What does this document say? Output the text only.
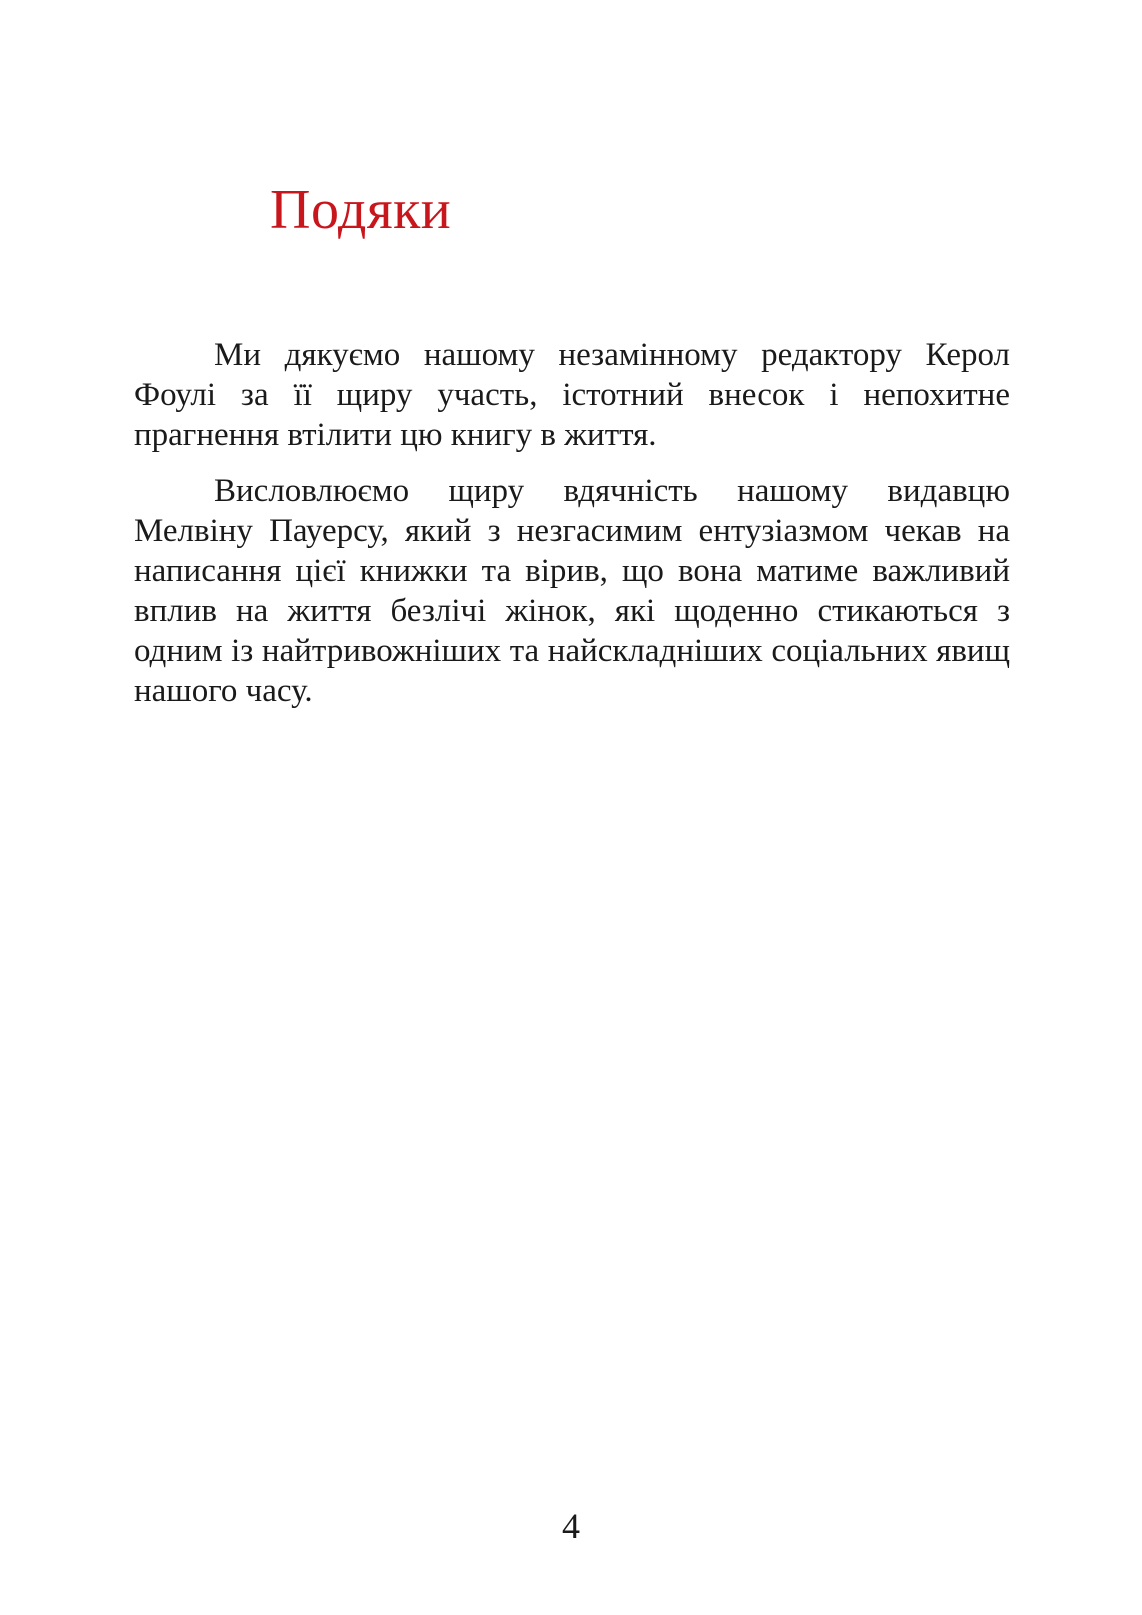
Подяки

Ми дякуємо нашому незамінному редактору Керол Фоулі за її щиру участь, істотний внесок і непохитне прагнення втілити цю книгу в життя.

Висловлюємо щиру вдячність нашому видавцю Мелвіну Пауерсу, який з незгасимим ентузіазмом чекав на написання цієї книжки та вірив, що вона матиме важливий вплив на життя безлічі жінок, які щоденно стикаються з одним із найтривожніших та найскладніших соціальних явищ нашого часу.

4
